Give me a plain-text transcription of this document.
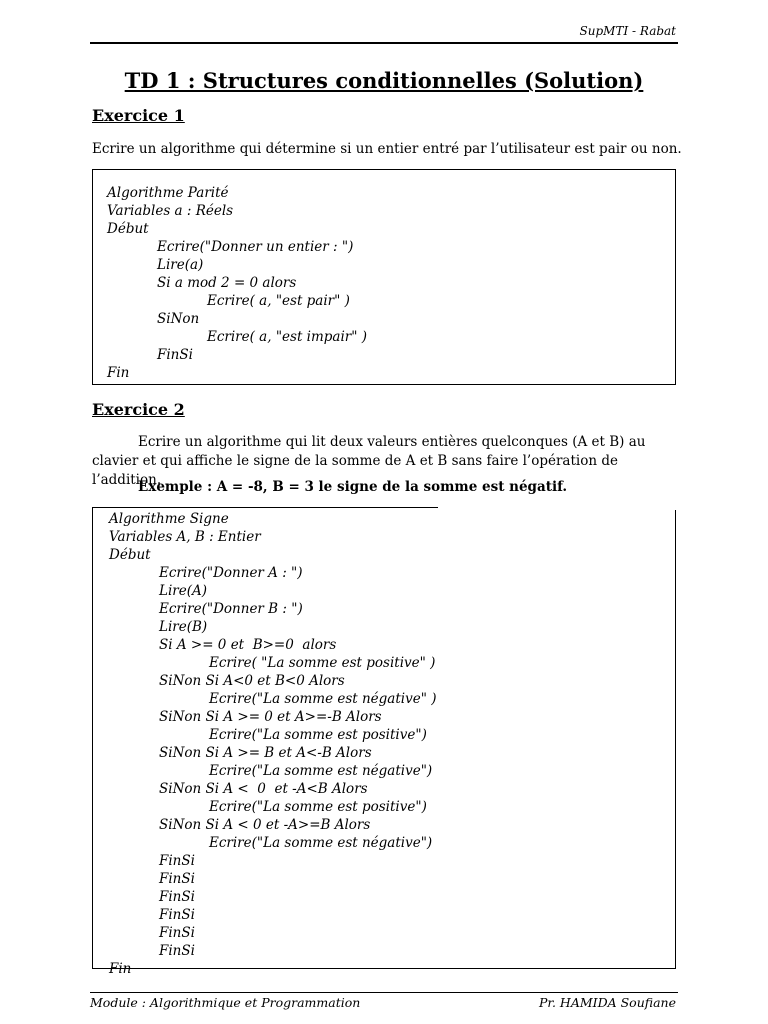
SupMTI - Rabat
TD 1 : Structures conditionnelles (Solution)
Exercice 1
Ecrire un algorithme qui détermine si un entier entré par l’utilisateur est pair ou non.
Algorithme Parité
Variables a : Réels
Début
Ecrire("Donner un entier : ")
Lire(a)
Si a mod 2 = 0 alors
Ecrire( a, "est pair" )
SiNon
Ecrire( a, "est impair" )
FinSi
Fin
Exercice 2
Ecrire un algorithme qui lit deux valeurs entières quelconques (A et B) au clavier et qui affiche le signe de la somme de A et B sans faire l’opération de l’addition.
Exemple : A = -8, B = 3 le signe de la somme est négatif.
Algorithme Signe
Variables A, B : Entier
Début
Ecrire("Donner A : ")
Lire(A)
Ecrire("Donner B : ")
Lire(B)
Si A >= 0 et  B>=0  alors
Ecrire( "La somme est positive" )
SiNon Si A<0 et B<0 Alors
Ecrire("La somme est négative" )
SiNon Si A >= 0 et A>=-B Alors
Ecrire("La somme est positive")
SiNon Si A >= B et A<-B Alors
Ecrire("La somme est négative")
SiNon Si A <  0  et -A<B Alors
Ecrire("La somme est positive")
SiNon Si A < 0 et -A>=B Alors
Ecrire("La somme est négative")
FinSi
FinSi
FinSi
FinSi
FinSi
FinSi
Fin
Module : Algorithmique et Programmation	Pr. HAMIDA Soufiane
